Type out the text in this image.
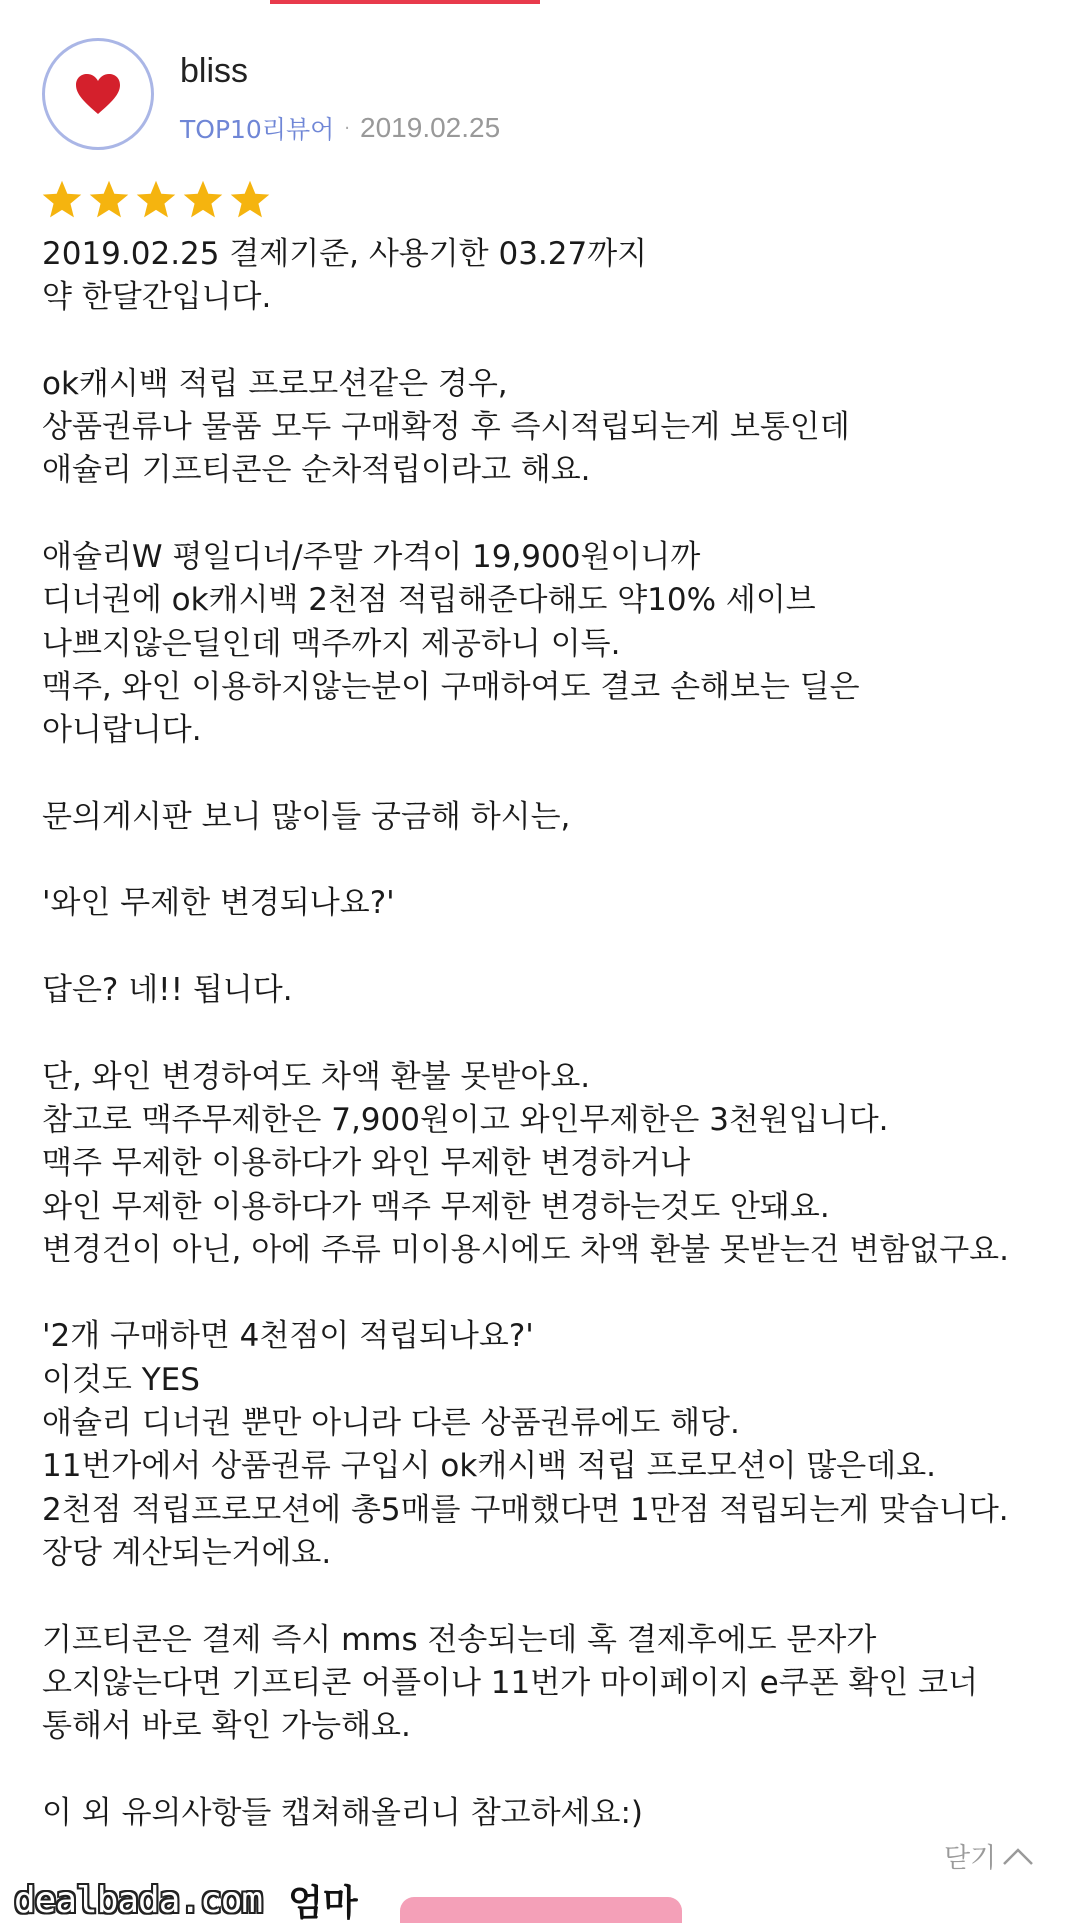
bliss
TOP10리뷰어 · 2019.02.25
2019.02.25 결제기준, 사용기한 03.27까지
약 한달간입니다.

ok캐시백 적립 프로모션같은 경우,
상품권류나 물품 모두 구매확정 후 즉시적립되는게 보통인데
애슐리 기프티콘은 순차적립이라고 해요.

애슐리W 평일디너/주말 가격이 19,900원이니까
디너권에 ok캐시백 2천점 적립해준다해도 약10% 세이브
나쁘지않은딜인데 맥주까지 제공하니 이득.
맥주, 와인 이용하지않는분이 구매하여도 결코 손해보는 딜은
아니랍니다.

문의게시판 보니 많이들 궁금해 하시는,

'와인 무제한 변경되나요?'

답은? 네!! 됩니다.

단, 와인 변경하여도 차액 환불 못받아요.
참고로 맥주무제한은 7,900원이고 와인무제한은 3천원입니다.
맥주 무제한 이용하다가 와인 무제한 변경하거나
와인 무제한 이용하다가 맥주 무제한 변경하는것도 안돼요.
변경건이 아닌, 아에 주류 미이용시에도 차액 환불 못받는건 변함없구요.

'2개 구매하면 4천점이 적립되나요?'
이것도 YES
애슐리 디너권 뿐만 아니라 다른 상품권류에도 해당.
11번가에서 상품권류 구입시 ok캐시백 적립 프로모션이 많은데요.
2천점 적립프로모션에 총5매를 구매했다면 1만점 적립되는게 맞습니다.
장당 계산되는거에요.

기프티콘은 결제 즉시 mms 전송되는데 혹 결제후에도 문자가
오지않는다면 기프티콘 어플이나 11번가 마이페이지 e쿠폰 확인 코너
통해서 바로 확인 가능해요.

이 외 유의사항들 캡쳐해올리니 참고하세요:)
닫기
dealbada.com 엄마
